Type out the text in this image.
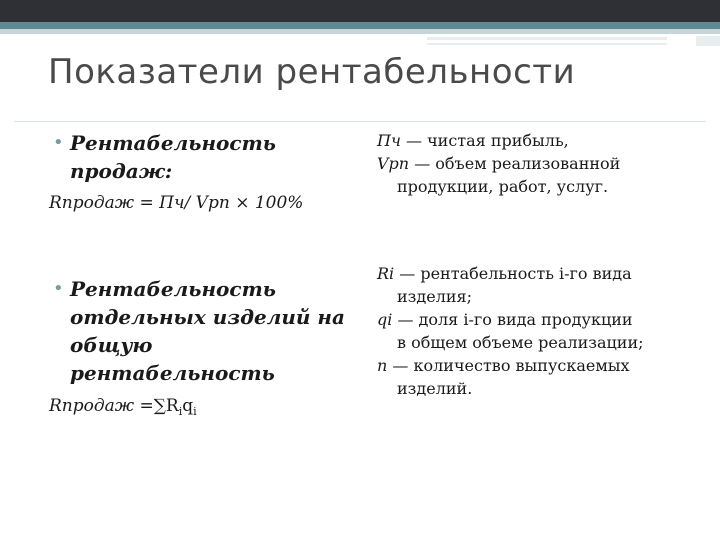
Показатели рентабельности
• Рентабельность продаж:
Rпродаж = Пч/ Vpп × 100%
• Рентабельность отдельных изделий на общую рентабельность
Rпродаж $=\sum R_iq_i$
Пч — чистая прибыль,
Vpп — объем реализованной
продукции, работ, услуг.
Ri — рентабельность i-го вида
изделия;
qi — доля i-го вида продукции
в общем объеме реализации;
n — количество выпускаемых
изделий.
